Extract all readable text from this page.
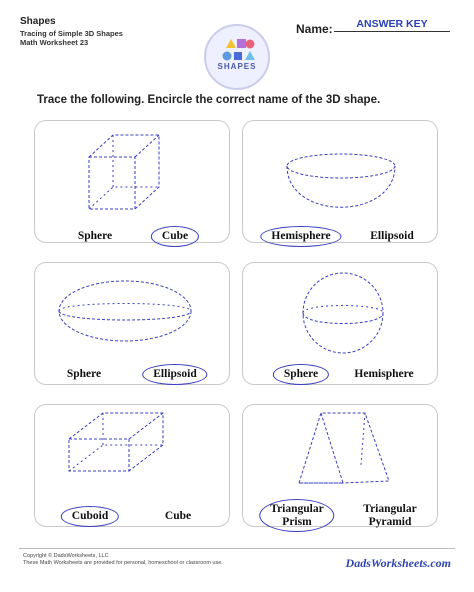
Shapes
Tracing of Simple 3D Shapes
Math Worksheet 23
SHAPES
Name:	ANSWER KEY
Trace the following. Encircle the correct name of the 3D shape.
Sphere	Cube	Hemisphere	Ellipsoid
Sphere	Ellipsoid	Sphere	Hemisphere
Cuboid	Cube
Triangular
Prism
Triangular
Pyramid
Copyright © DadsWorksheets, LLC
These Math Worksheets are provided for personal, homeschool or classroom use.	DadsWorksheets.com
